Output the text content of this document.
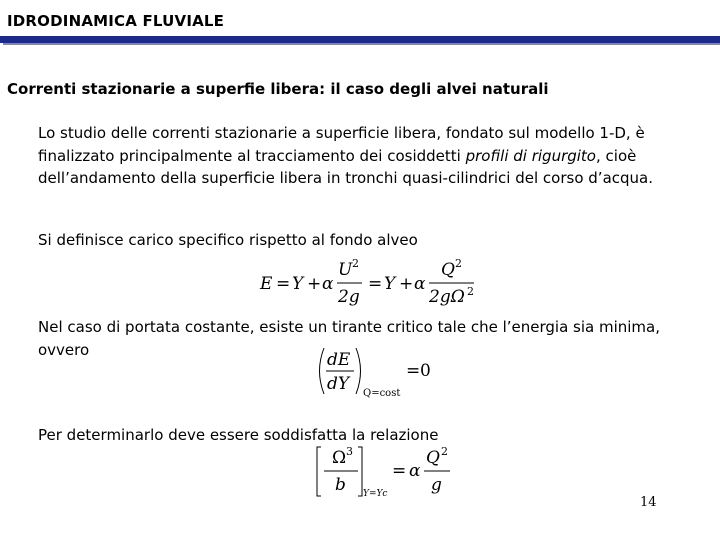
IDRODINAMICA FLUVIALE
Correnti stazionarie a superfie libera: il caso degli alvei naturali
Lo studio delle correnti stazionarie a superficie libera, fondato sul modello 1-D, è finalizzato principalmente al tracciamento dei cosiddetti profili di rigurgito, cioè dell’andamento della superficie libera in tronchi quasi-cilindrici del corso d’acqua.
Si definisce carico specifico rispetto al fondo alveo
E = Y + α
U 2
2g
= Y + α
Q 2
2gΩ 2
Nel caso di portata costante, esiste un tirante critico tale che l’energia sia minima, ovvero
dE
dY Q=cost
= 0
Per determinarlo deve essere soddisfatta la relazione
Ω 3
b Y=Yc
= α
Q 2
g
14
